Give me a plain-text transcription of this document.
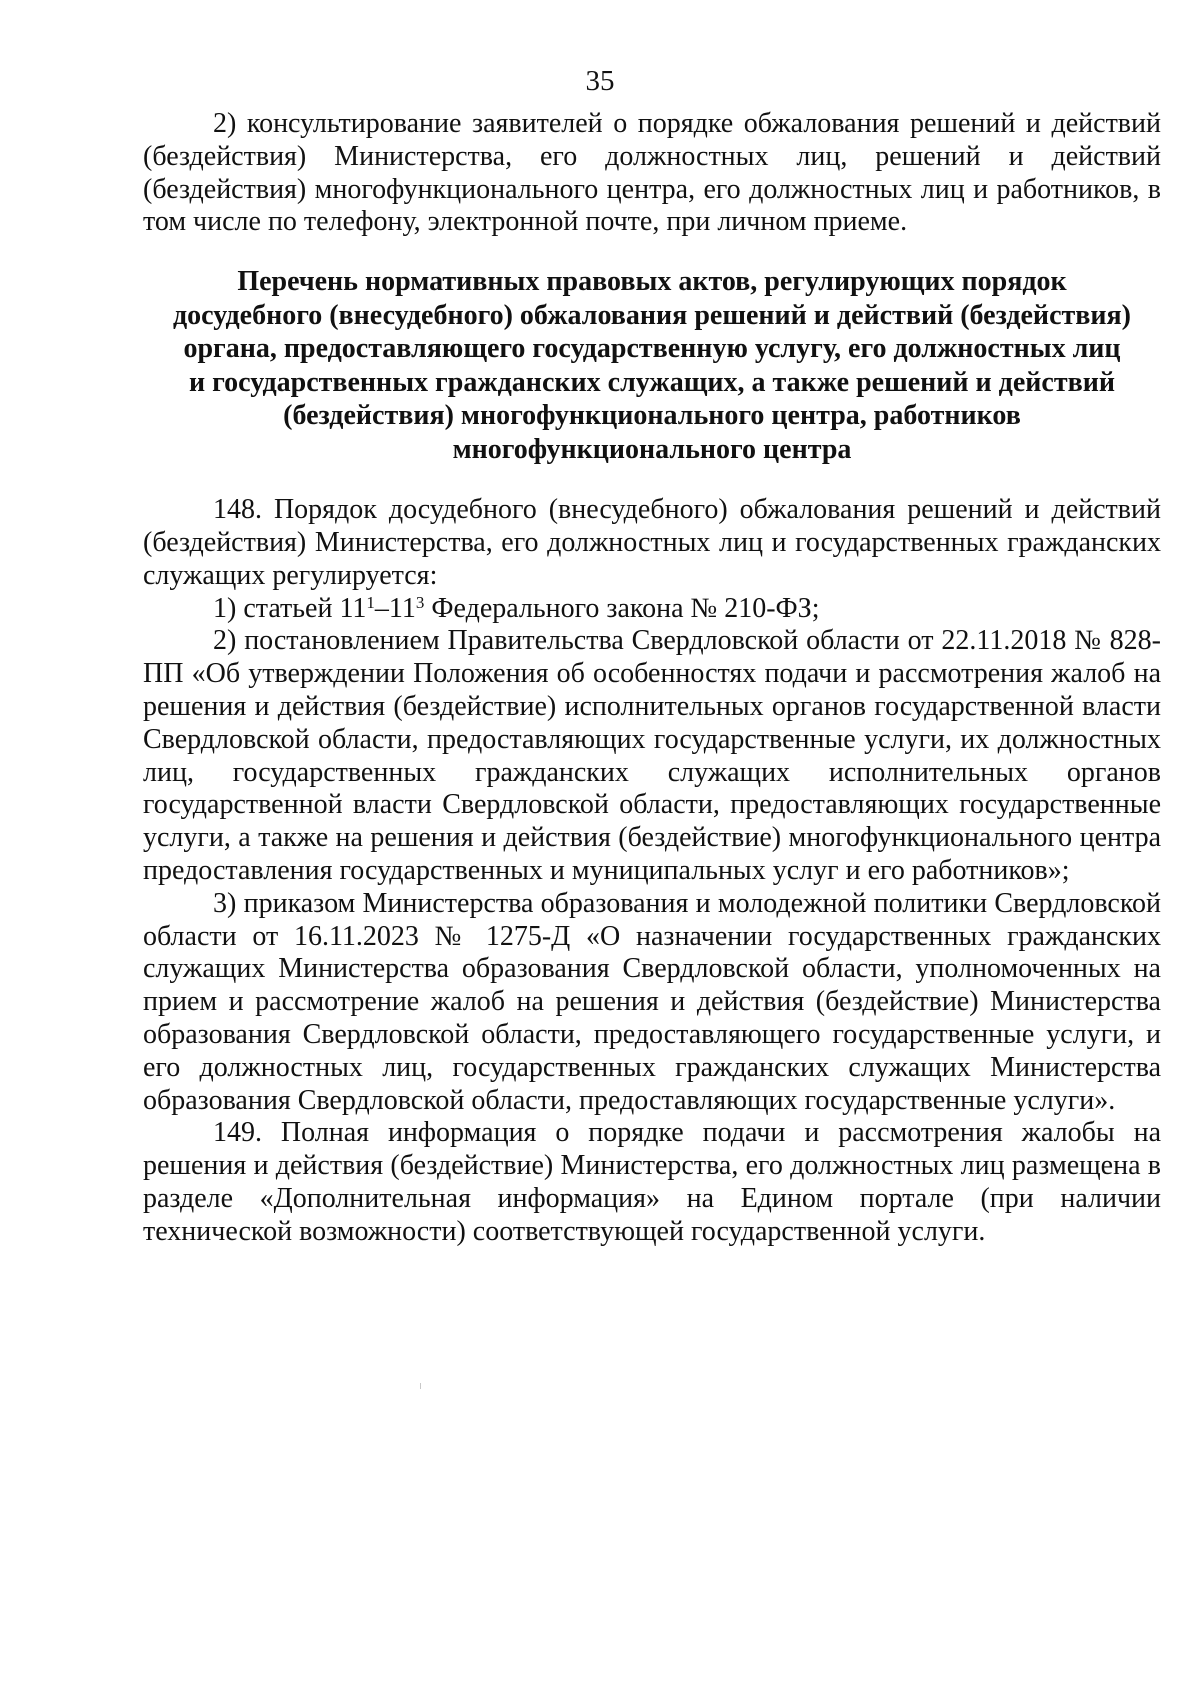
35

2) консультирование заявителей о порядке обжалования решений и действий (бездействия) Министерства, его должностных лиц, решений и действий (бездействия) многофункционального центра, его должностных лиц и работников, в том числе по телефону, электронной почте, при личном приеме.

Перечень нормативных правовых актов, регулирующих порядок
досудебного (внесудебного) обжалования решений и действий (бездействия)
органа, предоставляющего государственную услугу, его должностных лиц
и государственных гражданских служащих, а также решений и действий
(бездействия) многофункционального центра, работников
многофункционального центра

148. Порядок досудебного (внесудебного) обжалования решений и действий (бездействия) Министерства, его должностных лиц и государственных гражданских служащих регулируется:

1) статьей $11^1-11^3$ Федерального закона № 210-ФЗ;

2) постановлением Правительства Свердловской области от 22.11.2018 № 828-ПП «Об утверждении Положения об особенностях подачи и рассмотрения жалоб на решения и действия (бездействие) исполнительных органов государственной власти Свердловской области, предоставляющих государственные услуги, их должностных лиц, государственных гражданских служащих исполнительных органов государственной власти Свердловской области, предоставляющих государственные услуги, а также на решения и действия (бездействие) многофункционального центра предоставления государственных и муниципальных услуг и его работников»;

3) приказом Министерства образования и молодежной политики Свердловской области от 16.11.2023 № 1275-Д «О назначении государственных гражданских служащих Министерства образования Свердловской области, уполномоченных на прием и рассмотрение жалоб на решения и действия (бездействие) Министерства образования Свердловской области, предоставляющего государственные услуги, и его должностных лиц, государственных гражданских служащих Министерства образования Свердловской области, предоставляющих государственные услуги».

149. Полная информация о порядке подачи и рассмотрения жалобы на решения и действия (бездействие) Министерства, его должностных лиц размещена в разделе «Дополнительная информация» на Едином портале (при наличии технической возможности) соответствующей государственной услуги.
